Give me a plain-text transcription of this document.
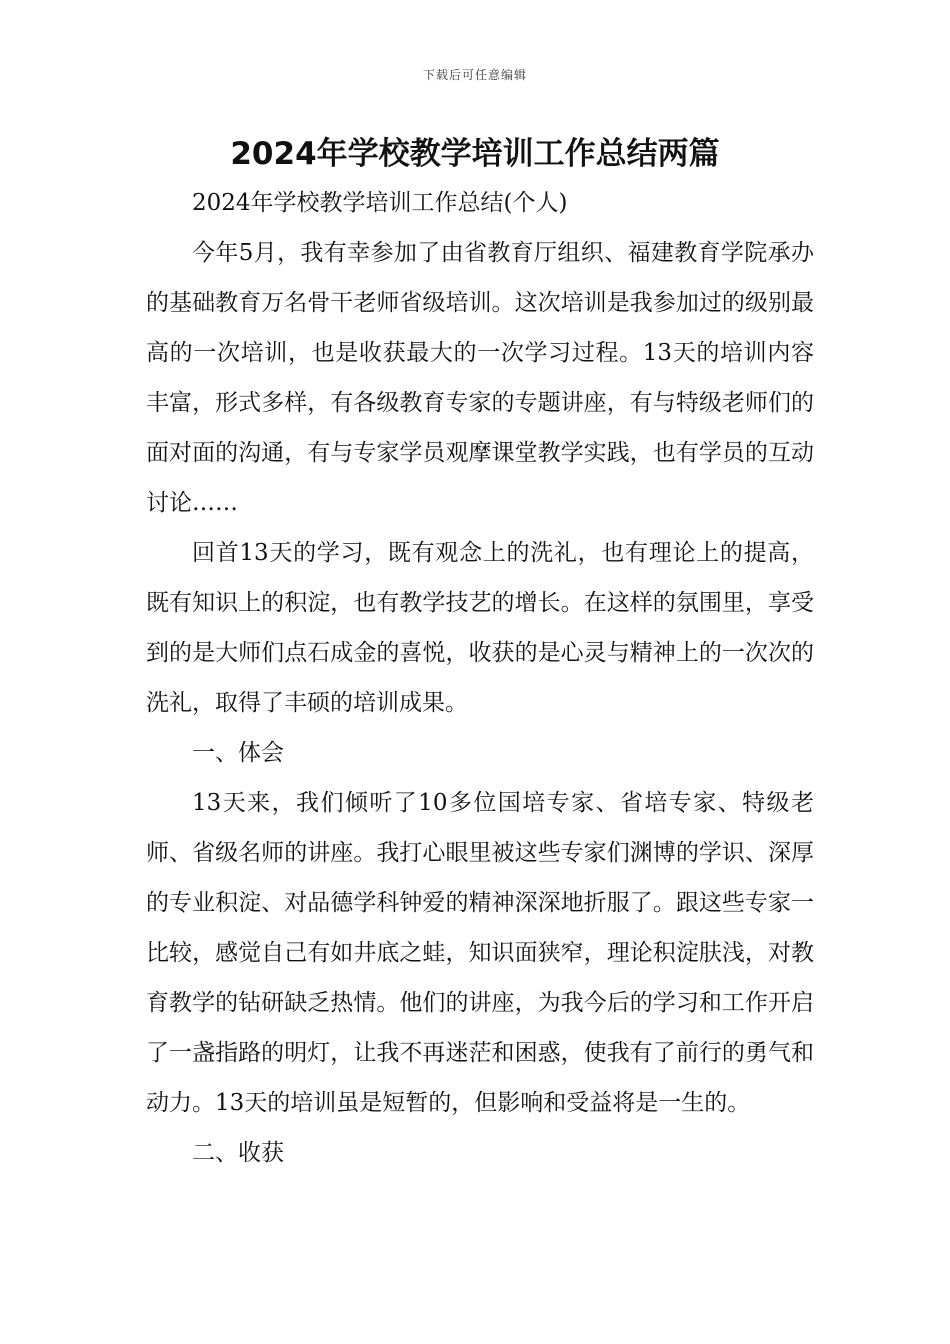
下载后可任意编辑
2024年学校教学培训工作总结两篇

2024年学校教学培训工作总结(个人)

今年5月，我有幸参加了由省教育厅组织、福建教育学院承办的基础教育万名骨干老师省级培训。这次培训是我参加过的级别最高的一次培训，也是收获最大的一次学习过程。13天的培训内容丰富，形式多样，有各级教育专家的专题讲座，有与特级老师们的面对面的沟通，有与专家学员观摩课堂教学实践，也有学员的互动讨论……

回首13天的学习，既有观念上的洗礼，也有理论上的提高，既有知识上的积淀，也有教学技艺的增长。在这样的氛围里，享受到的是大师们点石成金的喜悦，收获的是心灵与精神上的一次次的洗礼，取得了丰硕的培训成果。

一、体会

13天来，我们倾听了10多位国培专家、省培专家、特级老师、省级名师的讲座。我打心眼里被这些专家们渊博的学识、深厚的专业积淀、对品德学科钟爱的精神深深地折服了。跟这些专家一比较，感觉自己有如井底之蛙，知识面狭窄，理论积淀肤浅，对教育教学的钻研缺乏热情。他们的讲座，为我今后的学习和工作开启了一盏指路的明灯，让我不再迷茫和困惑，使我有了前行的勇气和动力。13天的培训虽是短暂的，但影响和受益将是一生的。

二、收获
